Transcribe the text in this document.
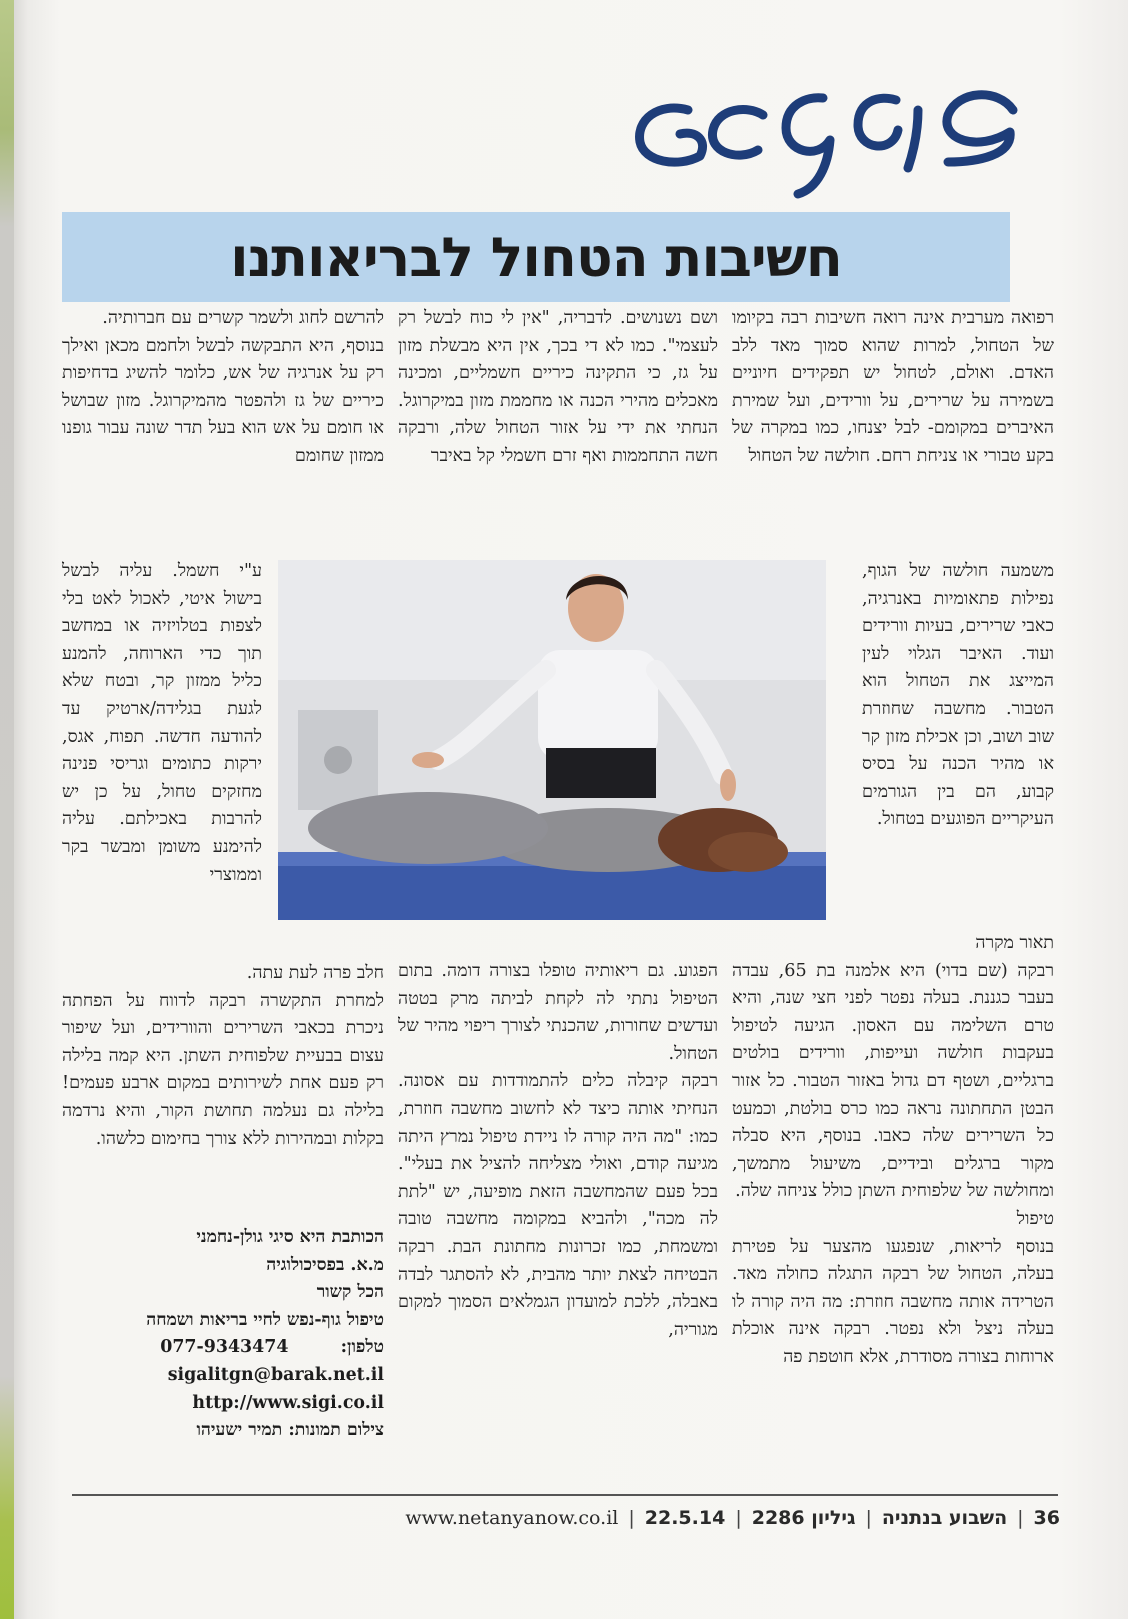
חשיבות הטחול לבריאותנו

רפואה מערבית אינה רואה חשיבות רבה בקיומו של הטחול, למרות שהוא סמוך מאד ללב האדם. ואולם, לטחול יש תפקידים חיוניים בשמירה על שרירים, על וורידים, ועל שמירת האיברים במקומם- לבל יצנחו, כמו במקרה של בקע טבורי או צניחת רחם. חולשה של הטחול

משמעה חולשה של הגוף, נפילות פתאומיות באנרגיה, כאבי שרירים, בעיות וורידים ועוד. האיבר הגלוי לעין המייצג את הטחול הוא הטבור. מחשבה שחוזרת שוב ושוב, וכן אכילת מזון קר או מהיר הכנה על בסיס קבוע, הם בין הגורמים העיקריים הפוגעים בטחול.

תאור מקרה

רבקה (שם בדוי) היא אלמנה בת 65, עבדה בעבר כגננת. בעלה נפטר לפני חצי שנה, והיא טרם השלימה עם האסון. הגיעה לטיפול בעקבות חולשה ועייפות, וורידים בולטים ברגליים, ושטף דם גדול באזור הטבור. כל אזור הבטן התחתונה נראה כמו כרס בולטת, וכמעט כל השרירים שלה כאבו. בנוסף, היא סבלה מקור ברגלים ובידיים, משיעול מתמשך, ומחולשה של שלפוחית השתן כולל צניחה שלה.

טיפול

בנוסף לריאות, שנפגעו מהצער על פטירת בעלה, הטחול של רבקה התגלה כחולה מאד. הטרידה אותה מחשבה חוזרת: מה היה קורה לו בעלה ניצל ולא נפטר. רבקה אינה אוכלת ארוחות בצורה מסודרת, אלא חוטפת פה

ושם נשנושים. לדבריה, "אין לי כוח לבשל רק לעצמי". כמו לא די בכך, אין היא מבשלת מזון על גז, כי התקינה כיריים חשמליים, ומכינה מאכלים מהירי הכנה או מחממת מזון במיקרוגל. הנחתי את ידי על אזור הטחול שלה, ורבקה חשה התחממות ואף זרם חשמלי קל באיבר

הפגוע. גם ריאותיה טופלו בצורה דומה. בתום הטיפול נתתי לה לקחת לביתה מרק בטטה ועדשים שחורות, שהכנתי לצורך ריפוי מהיר של הטחול.

רבקה קיבלה כלים להתמודדות עם אסונה. הנחיתי אותה כיצד לא לחשוב מחשבה חוזרת, כמו: "מה היה קורה לו ניידת טיפול נמרץ היתה מגיעה קודם, ואולי מצליחה להציל את בעלי". בכל פעם שהמחשבה הזאת מופיעה, יש "לתת לה מכה", ולהביא במקומה מחשבה טובה ומשמחת, כמו זכרונות מחתונת הבת. רבקה הבטיחה לצאת יותר מהבית, לא להסתגר לבדה באבלה, ללכת למועדון הגמלאים הסמוך למקום מגוריה,

להרשם לחוג ולשמר קשרים עם חברותיה.

בנוסף, היא התבקשה לבשל ולחמם מכאן ואילך רק על אנרגיה של אש, כלומר להשיג בדחיפות כיריים של גז ולהפטר מהמיקרוגל. מזון שבושל או חומם על אש הוא בעל תדר שונה עבור גופנו ממזון שחומם

ע"י חשמל. עליה לבשל בישול איטי, לאכול לאט בלי לצפות בטלויזיה או במחשב תוך כדי הארוחה, להמנע כליל ממזון קר, ובטח שלא לגעת בגלידה/ארטיק עד להודעה חדשה. תפוח, אגס, ירקות כתומים וגריסי פנינה מחזקים טחול, על כן יש להרבות באכילתם. עליה להימנע משומן ומבשר בקר וממוצרי

חלב פרה לעת עתה.

למחרת התקשרה רבקה לדווח על הפחתה ניכרת בכאבי השרירים והוורידים, ועל שיפור עצום בבעיית שלפוחית השתן. היא קמה בלילה רק פעם אחת לשירותים במקום ארבע פעמים! בלילה גם נעלמה תחושת הקור, והיא נרדמה בקלות ובמהירות ללא צורך בחימום כלשהו.

הכותבת היא סיגי גולן-נחמני
מ.א. בפסיכולוגיה
הכל קשור
טיפול גוף-נפש לחיי בריאות ושמחה
טלפון:  077-9343474
sigalitgn@barak.net.il
http://www.sigi.co.il
צילום תמונות: תמיר ישעיהו
36
|
השבוע בנתניה
|
גיליון 2286
|
22.5.14
|
www.netanyanow.co.il
